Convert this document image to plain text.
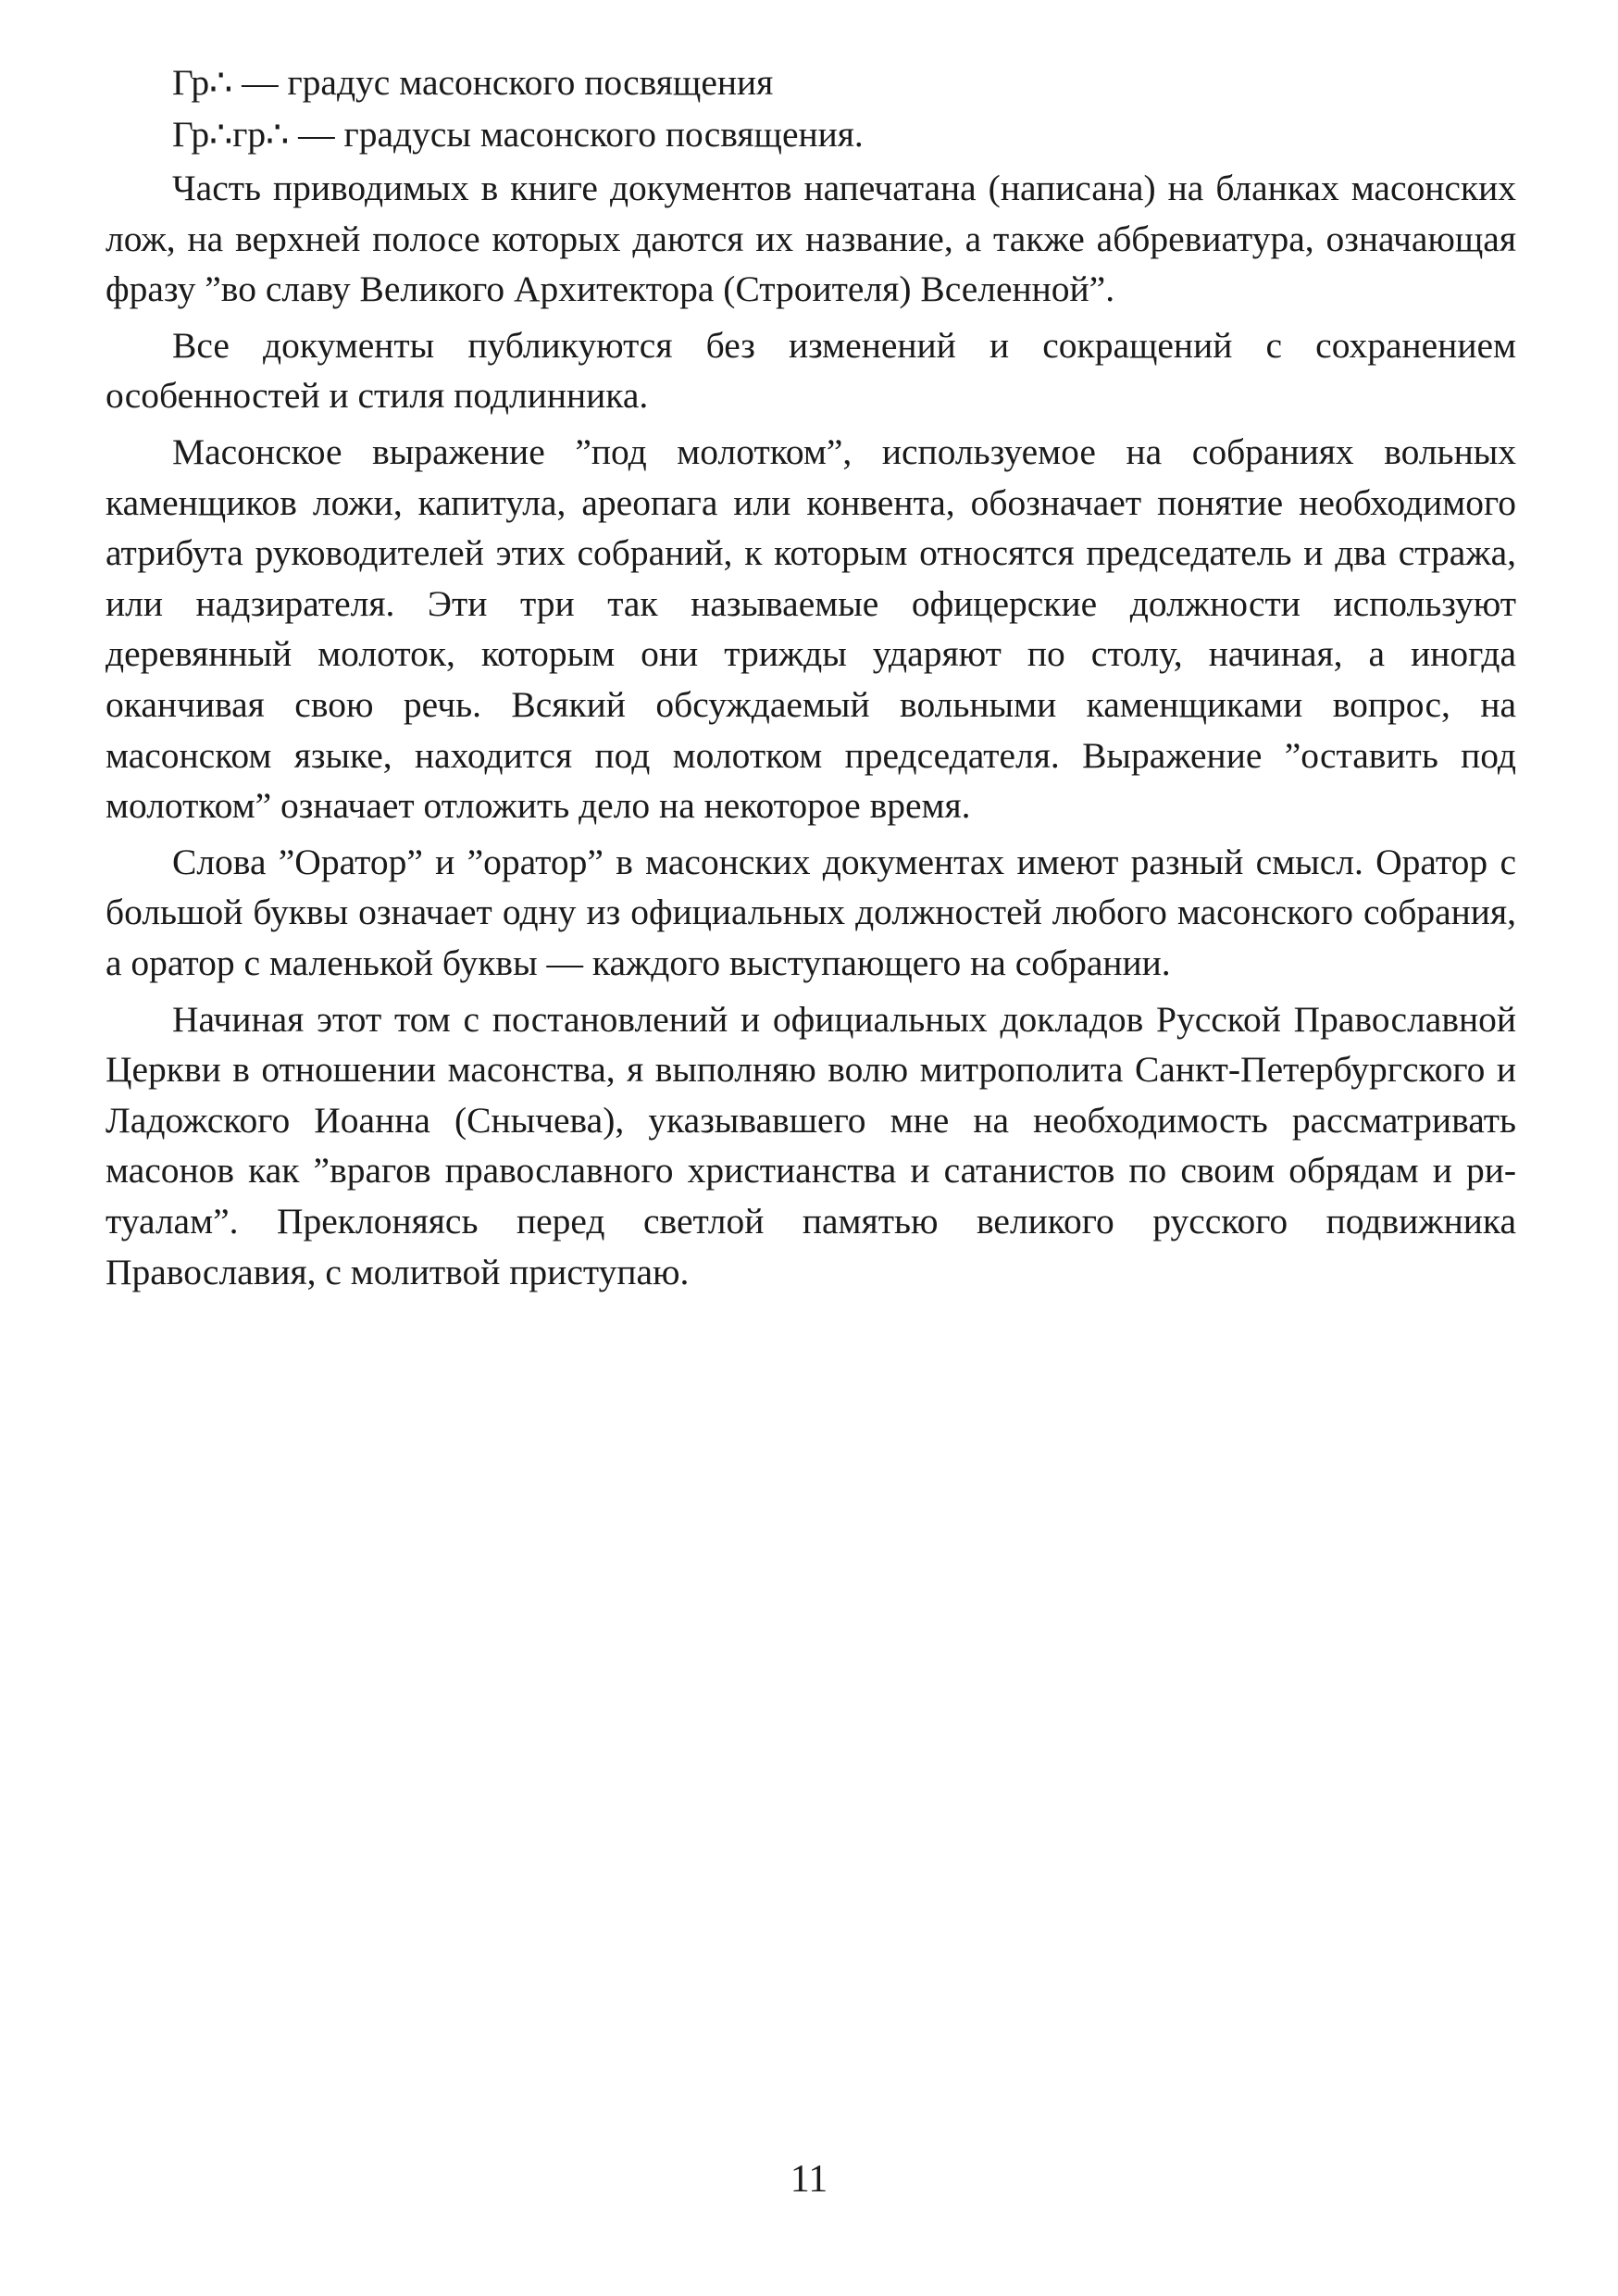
Гр∴ — градус масонского посвящения

Гр∴гр∴ — градусы масонского посвящения.

Часть приводимых в книге документов напечатана (написана) на бланках масонских лож, на верхней полосе которых даются их название, а также аббревиатура, означающая фразу ”во славу Великого Архитектора (Строителя) Вселенной”.

Все документы публикуются без изменений и сокращений с сохранением особенностей и стиля подлинника.

Масонское выражение ”под молотком”, используемое на собраниях вольных каменщиков ложи, капитула, ареопага или конвента, обозначает понятие необходимого атрибута руководителей этих собраний, к которым относятся председатель и два стража, или надзирателя. Эти три так называемые офицерские должности используют деревянный молоток, которым они трижды ударяют по столу, начиная, а иногда оканчивая свою речь. Всякий обсуждаемый вольными каменщиками вопрос, на масонском языке, находится под молотком председателя. Выражение ”оставить под молотком” означает отложить дело на некоторое время.

Слова ”Оратор” и ”оратор” в масонских документах имеют разный смысл. Оратор с большой буквы означает одну из официальных должностей любого масонского собрания, а оратор с маленькой буквы — каждого выступающего на собрании.

Начиная этот том с постановлений и официальных докладов Русской Православной Церкви в отношении масонства, я выполняю волю митрополита Санкт-Петербургского и Ладожского Иоанна (Снычева), указывавшего мне на необходимость рассматривать масонов как ”врагов православного христианства и сатанистов по своим обрядам и ритуалам”. Преклоняясь перед светлой памятью великого русского подвижника Православия, с молитвой приступаю.

11
